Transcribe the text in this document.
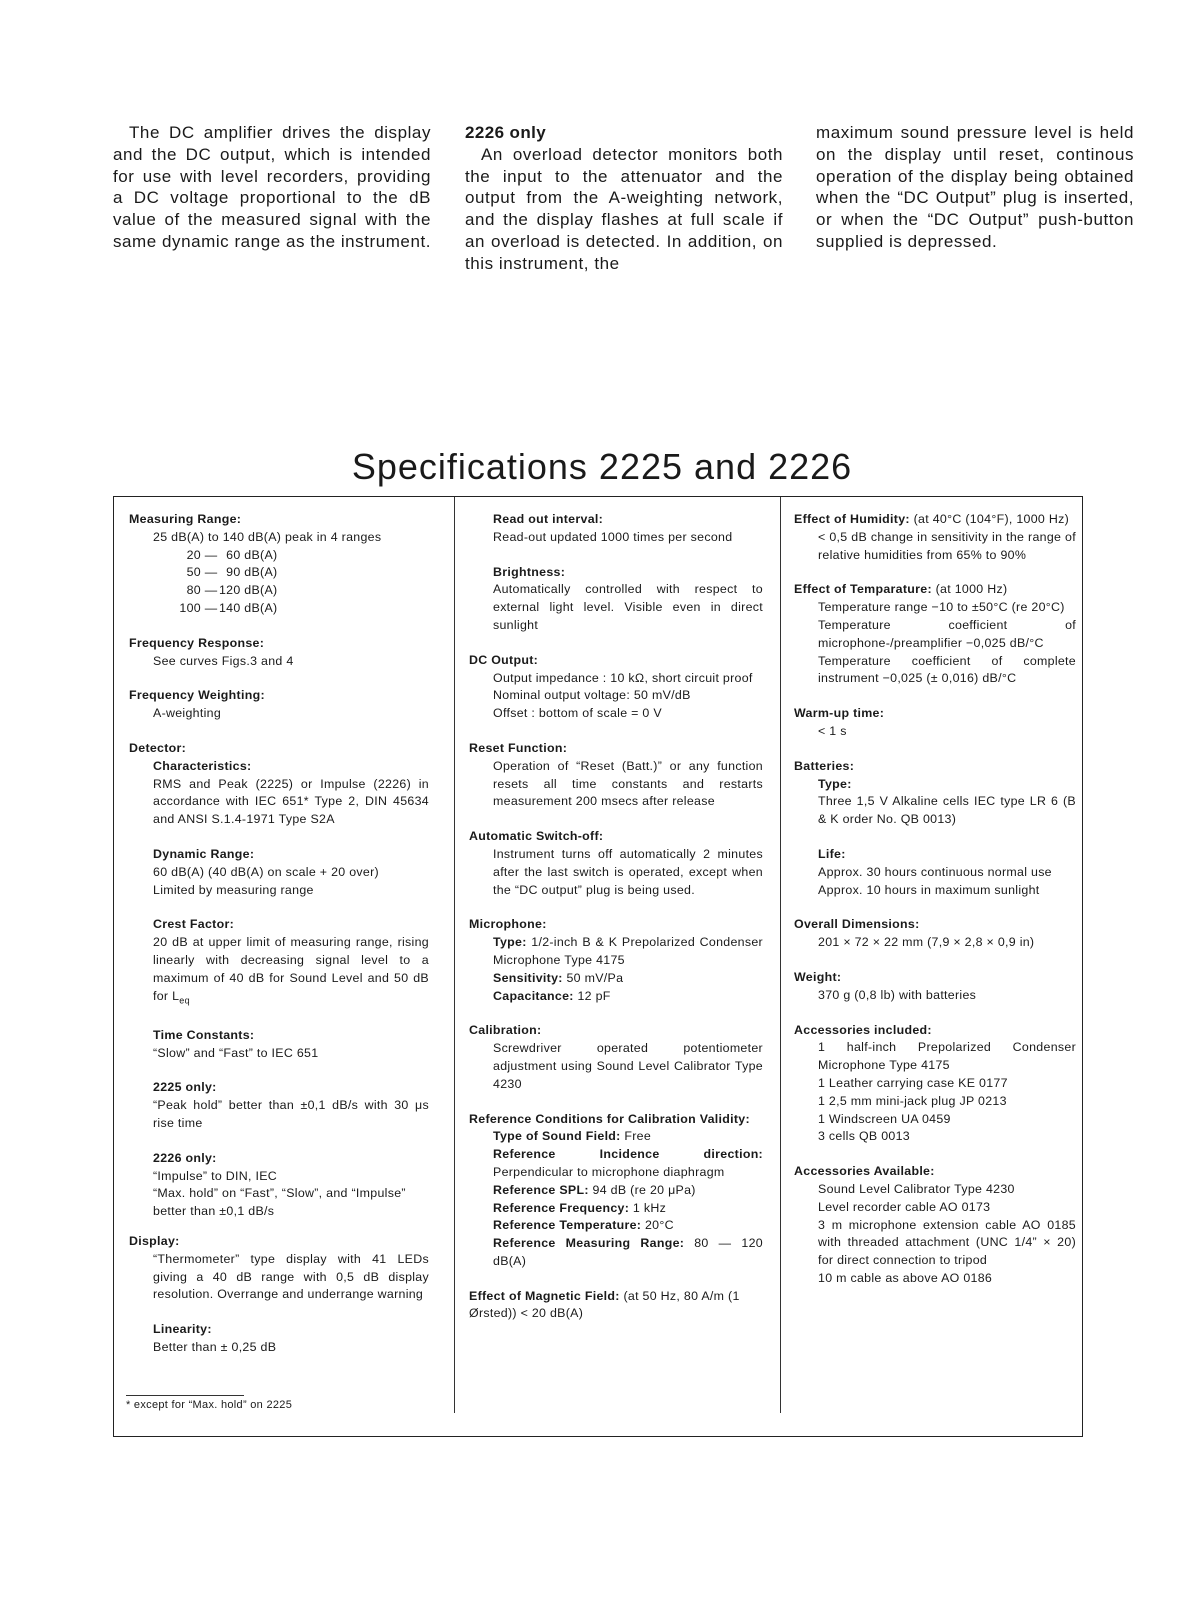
The DC amplifier drives the display and the DC output, which is intended for use with level recorders, providing a DC voltage proportional to the dB value of the measured signal with the same dynamic range as the instrument.

2226 only

An overload detector monitors both the input to the attenuator and the output from the A-weighting network, and the display flashes at full scale if an overload is detected. In addition, on this instrument, the

maximum sound pressure level is held on the display until reset, continous operation of the display being obtained when the “DC Output” plug is inserted, or when the “DC Output” push-button supplied is depressed.

Specifications 2225 and 2226
Measuring Range:
25 dB(A) to 140 dB(A) peak in 4 ranges
20 — 60 dB(A)
50 — 90 dB(A)
80 — 120 dB(A)
100 — 140 dB(A)
Frequency Response:
See curves Figs.3 and 4
Frequency Weighting:
A-weighting
Detector:
Characteristics:
RMS and Peak (2225) or Impulse (2226) in accordance with IEC 651* Type 2, DIN 45634 and ANSI S.1.4-1971 Type S2A
Dynamic Range:
60 dB(A) (40 dB(A) on scale + 20 over)
Limited by measuring range
Crest Factor:
20 dB at upper limit of measuring range, rising linearly with decreasing signal level to a maximum of 40 dB for Sound Level and 50 dB for $L_{eq}$
Time Constants:
“Slow” and “Fast” to IEC 651
2225 only:
“Peak hold” better than ±0,1 dB/s with 30 μs rise time
2226 only:
“Impulse” to DIN, IEC
“Max. hold” on “Fast”, “Slow”, and “Impulse” better than ±0,1 dB/s
Display:
“Thermometer” type display with 41 LEDs giving a 40 dB range with 0,5 dB display resolution. Overrange and underrange warning
Linearity:
Better than ± 0,25 dB
* except for “Max. hold” on 2225
Read out interval:
Read-out updated 1000 times per second
Brightness:
Automatically controlled with respect to external light level. Visible even in direct sunlight
DC Output:
Output impedance : 10 kΩ, short circuit proof
Nominal output voltage: 50 mV/dB
Offset : bottom of scale = 0 V
Reset Function:
Operation of “Reset (Batt.)” or any function resets all time constants and restarts measurement 200 msecs after release
Automatic Switch-off:
Instrument turns off automatically 2 minutes after the last switch is operated, except when the “DC output” plug is being used.
Microphone:
Type: 1/2-inch B & K Prepolarized Condenser Microphone Type 4175
Sensitivity: 50 mV/Pa
Capacitance: 12 pF
Calibration:
Screwdriver operated potentiometer adjustment using Sound Level Calibrator Type 4230
Reference Conditions for Calibration Validity:
Type of Sound Field: Free
Reference Incidence direction: Perpendicular to microphone diaphragm
Reference SPL: 94 dB (re 20 μPa)
Reference Frequency: 1 kHz
Reference Temperature: 20°C
Reference Measuring Range: 80 — 120 dB(A)
Effect of Magnetic Field: (at 50 Hz, 80 A/m (1 Ørsted)) < 20 dB(A)
Effect of Humidity: (at 40°C (104°F), 1000 Hz)
< 0,5 dB change in sensitivity in the range of relative humidities from 65% to 90%
Effect of Temparature: (at 1000 Hz)
Temperature range −10 to ±50°C (re 20°C)
Temperature coefficient of microphone-/preamplifier −0,025 dB/°C
Temperature coefficient of complete instrument −0,025 (± 0,016) dB/°C
Warm-up time:
< 1 s
Batteries:
Type:
Three 1,5 V Alkaline cells IEC type LR 6 (B & K order No. QB 0013)
Life:
Approx. 30 hours continuous normal use
Approx. 10 hours in maximum sunlight
Overall Dimensions:
201 × 72 × 22 mm (7,9 × 2,8 × 0,9 in)
Weight:
370 g (0,8 lb) with batteries
Accessories included:
1 half-inch Prepolarized Condenser Microphone Type 4175
1 Leather carrying case KE 0177
1 2,5 mm mini-jack plug JP 0213
1 Windscreen UA 0459
3 cells QB 0013
Accessories Available:
Sound Level Calibrator Type 4230
Level recorder cable AO 0173
3 m microphone extension cable AO 0185 with threaded attachment (UNC 1/4” × 20) for direct connection to tripod
10 m cable as above AO 0186
